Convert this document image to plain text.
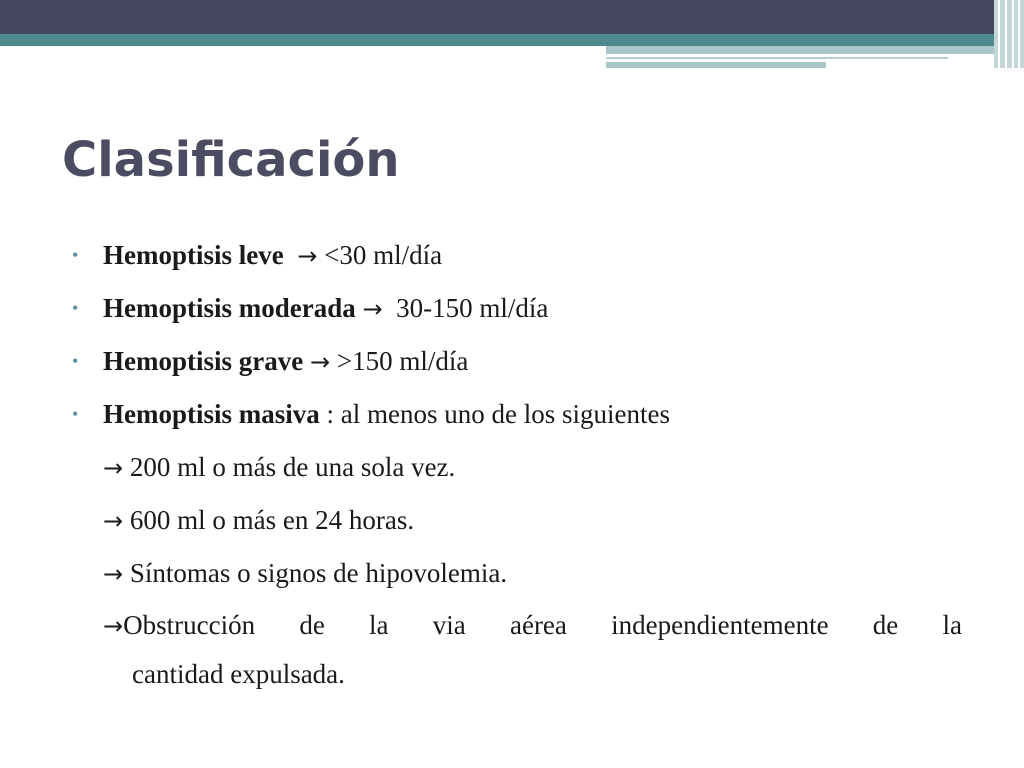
Clasificación
• Hemoptisis leve → <30 ml/día
• Hemoptisis moderada →  30-150 ml/día
• Hemoptisis grave → >150 ml/día
• Hemoptisis masiva : al menos uno de los siguientes
→ 200 ml o más de una sola vez.
→ 600 ml o más en 24 horas.
→ Síntomas o signos de hipovolemia.
→Obstrucción de la via aérea independientemente de la
cantidad expulsada.
